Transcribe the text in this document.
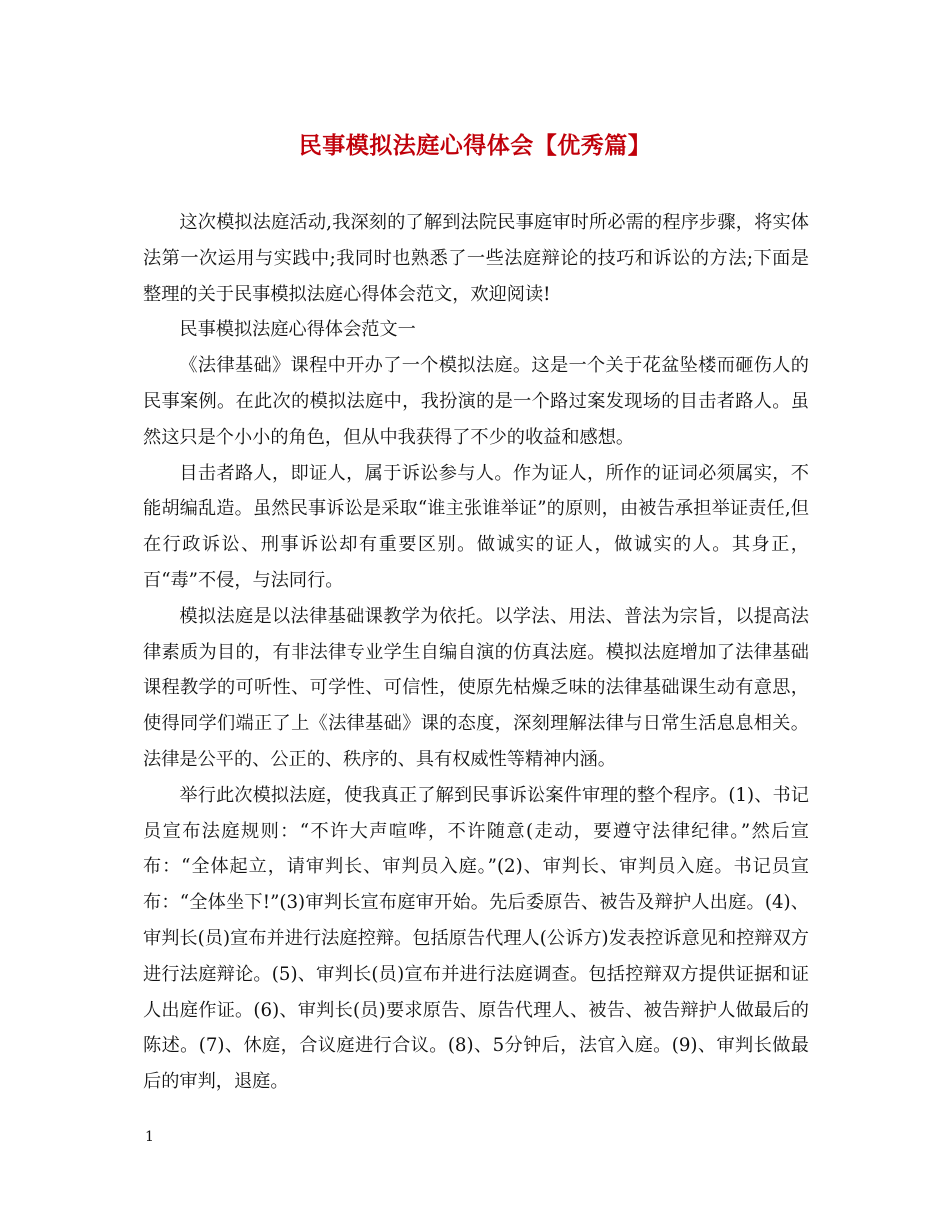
民事模拟法庭心得体会【优秀篇】

这次模拟法庭活动,我深刻的了解到法院民事庭审时所必需的程序步骤，将实体法第一次运用与实践中;我同时也熟悉了一些法庭辩论的技巧和诉讼的方法;下面是整理的关于民事模拟法庭心得体会范文，欢迎阅读!

民事模拟法庭心得体会范文一

《法律基础》课程中开办了一个模拟法庭。这是一个关于花盆坠楼而砸伤人的民事案例。在此次的模拟法庭中，我扮演的是一个路过案发现场的目击者路人。虽然这只是个小小的角色，但从中我获得了不少的收益和感想。

目击者路人，即证人，属于诉讼参与人。作为证人，所作的证词必须属实，不能胡编乱造。虽然民事诉讼是采取“谁主张谁举证”的原则，由被告承担举证责任,但在行政诉讼、刑事诉讼却有重要区别。做诚实的证人，做诚实的人。其身正，百“毒”不侵，与法同行。

模拟法庭是以法律基础课教学为依托。以学法、用法、普法为宗旨，以提高法律素质为目的，有非法律专业学生自编自演的仿真法庭。模拟法庭增加了法律基础课程教学的可听性、可学性、可信性，使原先枯燥乏味的法律基础课生动有意思，使得同学们端正了上《法律基础》课的态度，深刻理解法律与日常生活息息相关。法律是公平的、公正的、秩序的、具有权威性等精神内涵。

举行此次模拟法庭，使我真正了解到民事诉讼案件审理的整个程序。(1)、书记员宣布法庭规则：“不许大声喧哗，不许随意(走动，要遵守法律纪律。”然后宣布：“全体起立，请审判长、审判员入庭。”(2)、审判长、审判员入庭。书记员宣布：“全体坐下!”(3)审判长宣布庭审开始。先后委原告、被告及辩护人出庭。(4)、审判长(员)宣布并进行法庭控辩。包括原告代理人(公诉方)发表控诉意见和控辩双方进行法庭辩论。(5)、审判长(员)宣布并进行法庭调查。包括控辩双方提供证据和证人出庭作证。(6)、审判长(员)要求原告、原告代理人、被告、被告辩护人做最后的陈述。(7)、休庭，合议庭进行合议。(8)、5分钟后，法官入庭。(9)、审判长做最后的审判，退庭。

1
